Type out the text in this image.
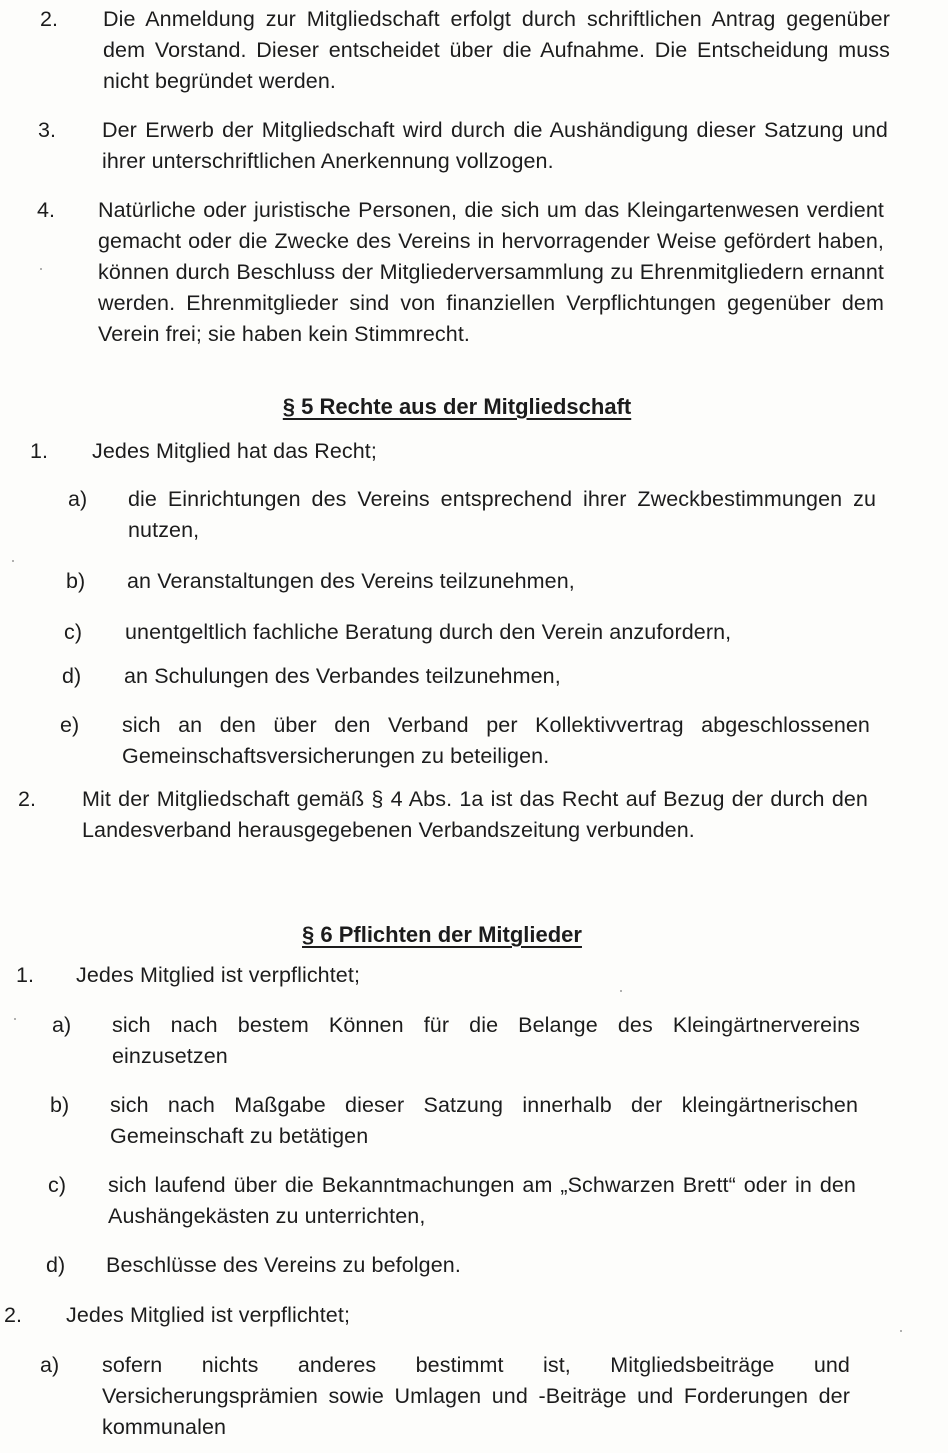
2.	Die Anmeldung zur Mitgliedschaft erfolgt durch schriftlichen Antrag gegenüber dem Vorstand. Dieser entscheidet über die Aufnahme. Die Entscheidung muss nicht begründet werden.
3.	Der Erwerb der Mitgliedschaft wird durch die Aushändigung dieser Satzung und ihrer unterschriftlichen Anerkennung vollzogen.
4.	Natürliche oder juristische Personen, die sich um das Kleingartenwesen verdient gemacht oder die Zwecke des Vereins in hervorragender Weise gefördert haben, können durch Beschluss der Mitgliederversammlung zu Ehrenmitgliedern ernannt werden. Ehrenmitglieder sind von finanziellen Verpflichtungen gegenüber dem Verein frei; sie haben kein Stimmrecht.
§ 5 Rechte aus der Mitgliedschaft
1.	Jedes Mitglied hat das Recht;
a)	die Einrichtungen des Vereins entsprechend ihrer Zweckbestimmungen zu nutzen,
b)	an Veranstaltungen des Vereins teilzunehmen,
c)	unentgeltlich fachliche Beratung durch den Verein anzufordern,
d)	an Schulungen des Verbandes teilzunehmen,
e)	sich an den über den Verband per Kollektivvertrag abgeschlossenen Gemeinschaftsversicherungen zu beteiligen.
2.	Mit der Mitgliedschaft gemäß § 4 Abs. 1a ist das Recht auf Bezug der durch den Landesverband herausgegebenen Verbandszeitung verbunden.
§ 6 Pflichten der Mitglieder
1.	Jedes Mitglied ist verpflichtet;
a)	sich nach bestem Können für die Belange des Kleingärtnervereins einzusetzen
b)	sich nach Maßgabe dieser Satzung innerhalb der kleingärtnerischen Gemeinschaft zu betätigen
c)	sich laufend über die Bekanntmachungen am „Schwarzen Brett“ oder in den Aushängekästen zu unterrichten,
d)	Beschlüsse des Vereins zu befolgen.
2.	Jedes Mitglied ist verpflichtet;
a)	sofern nichts anderes bestimmt ist, Mitgliedsbeiträge und Versicherungsprämien sowie Umlagen und -Beiträge und Forderungen der kommunalen
